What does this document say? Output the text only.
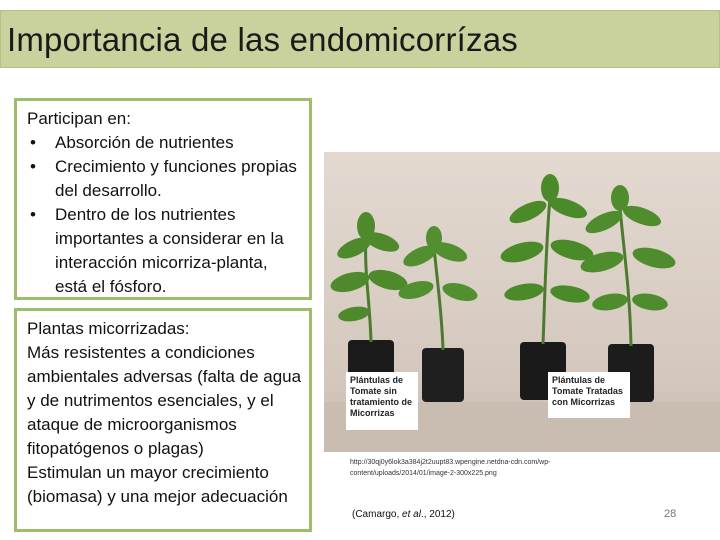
Importancia de las endomicorrízas
Participan en:
• Absorción de nutrientes
• Crecimiento y funciones propias del desarrollo.
• Dentro de los nutrientes importantes a considerar en la interacción micorriza-planta, está el fósforo.
Plantas micorrizadas:
Más resistentes a condiciones ambientales adversas (falta de agua y de nutrimentos esenciales, y el ataque de microorganismos fitopatógenos o plagas)
Estimulan un mayor crecimiento (biomasa) y una mejor adecuación
Plántulas de Tomate sin tratamiento de Micorrizas
Plántulas de Tomate Tratadas con Micorrizas
http://30qj0y6lok3a384j2t2uupt83.wpengine.netdna-cdn.com/wp-content/uploads/2014/01/image-2-300x225.png
(Camargo, et al., 2012)	28
